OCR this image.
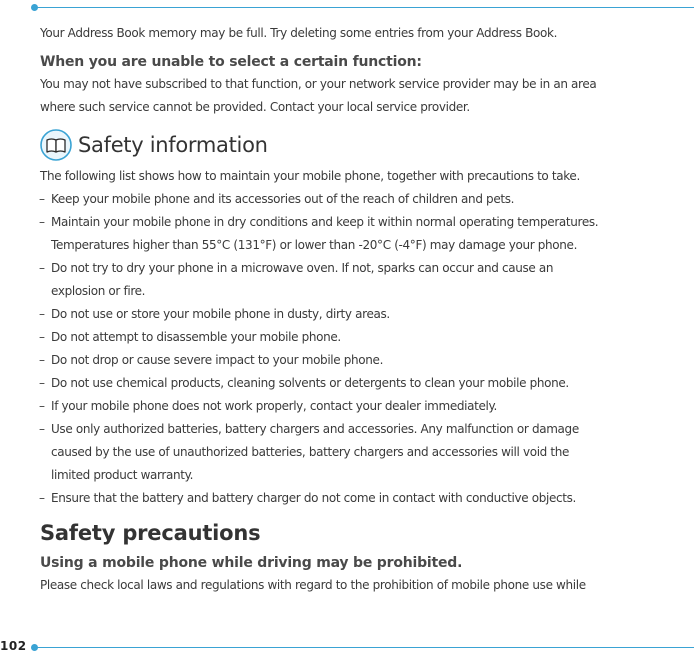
Your Address Book memory may be full. Try deleting some entries from your Address Book.

When you are unable to select a certain function:

You may not have subscribed to that function, or your network service provider may be in an area

where such service cannot be provided. Contact your local service provider.

Safety information

The following list shows how to maintain your mobile phone, together with precautions to take.

– Keep your mobile phone and its accessories out of the reach of children and pets.
– Maintain your mobile phone in dry conditions and keep it within normal operating temperatures.
Temperatures higher than 55°C (131°F) or lower than -20°C (-4°F) may damage your phone.
– Do not try to dry your phone in a microwave oven. If not, sparks can occur and cause an
explosion or fire.
– Do not use or store your mobile phone in dusty, dirty areas.
– Do not attempt to disassemble your mobile phone.
– Do not drop or cause severe impact to your mobile phone.
– Do not use chemical products, cleaning solvents or detergents to clean your mobile phone.
– If your mobile phone does not work properly, contact your dealer immediately.
– Use only authorized batteries, battery chargers and accessories. Any malfunction or damage
caused by the use of unauthorized batteries, battery chargers and accessories will void the
limited product warranty.
– Ensure that the battery and battery charger do not come in contact with conductive objects.
Safety precautions

Using a mobile phone while driving may be prohibited.

Please check local laws and regulations with regard to the prohibition of mobile phone use while

102
